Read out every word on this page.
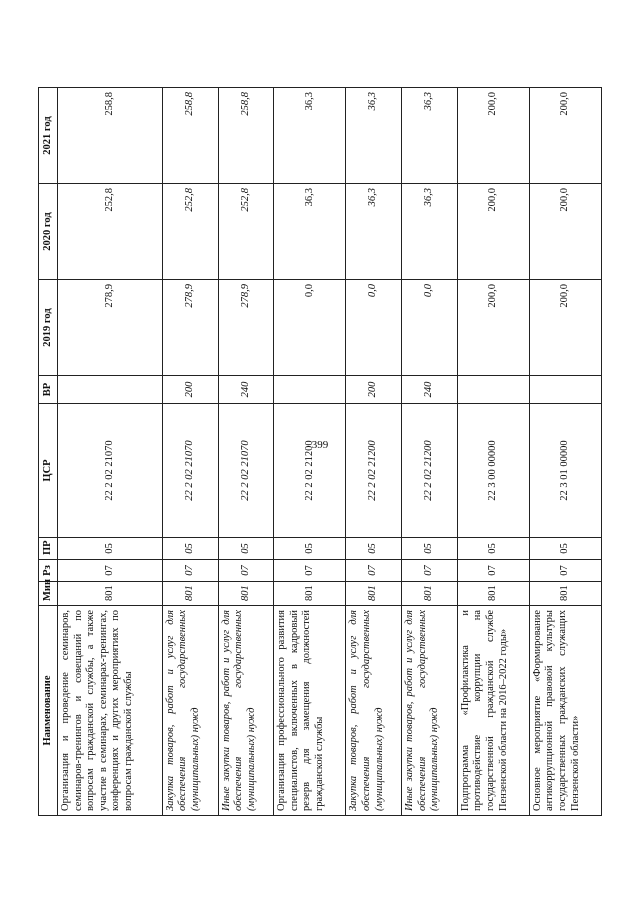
399
Наименование	Мин	Рз	ПР	ЦСР	ВР	2019 год	2020 год	2021 год
Организация и проведение семинаров, семинаров-тренингов и совещаний по вопросам гражданской службы, а также участие в семинарах, семинарах-тренингах, конференциях и других мероприятиях по вопросам гражданской службы	801	07	05	22 2 02 21070		278,9	252,8	258,8
Закупка товаров, работ и услуг для обеспечения государственных (муниципальных) нужд	801	07	05	22 2 02 21070	200	278,9	252,8	258,8
Иные закупки товаров, работ и услуг для обеспечения государственных (муниципальных) нужд	801	07	05	22 2 02 21070	240	278,9	252,8	258,8
Организация профессионального развития специалистов, включенных в кадровый резерв для замещения должностей гражданской службы	801	07	05	22 2 02 21200		0,0	36,3	36,3
Закупка товаров, работ и услуг для обеспечения государственных (муниципальных) нужд	801	07	05	22 2 02 21200	200	0,0	36,3	36,3
Иные закупки товаров, работ и услуг для обеспечения государственных (муниципальных) нужд	801	07	05	22 2 02 21200	240	0,0	36,3	36,3
Подпрограмма «Профилактика и противодействие коррупции на государственной гражданской службе Пензенской области на 2016–2022 годы»	801	07	05	22 3 00 00000		200,0	200,0	200,0
Основное мероприятие «Формирование антикоррупционной правовой культуры государственных гражданских служащих Пензенской области»	801	07	05	22 3 01 00000		200,0	200,0	200,0
